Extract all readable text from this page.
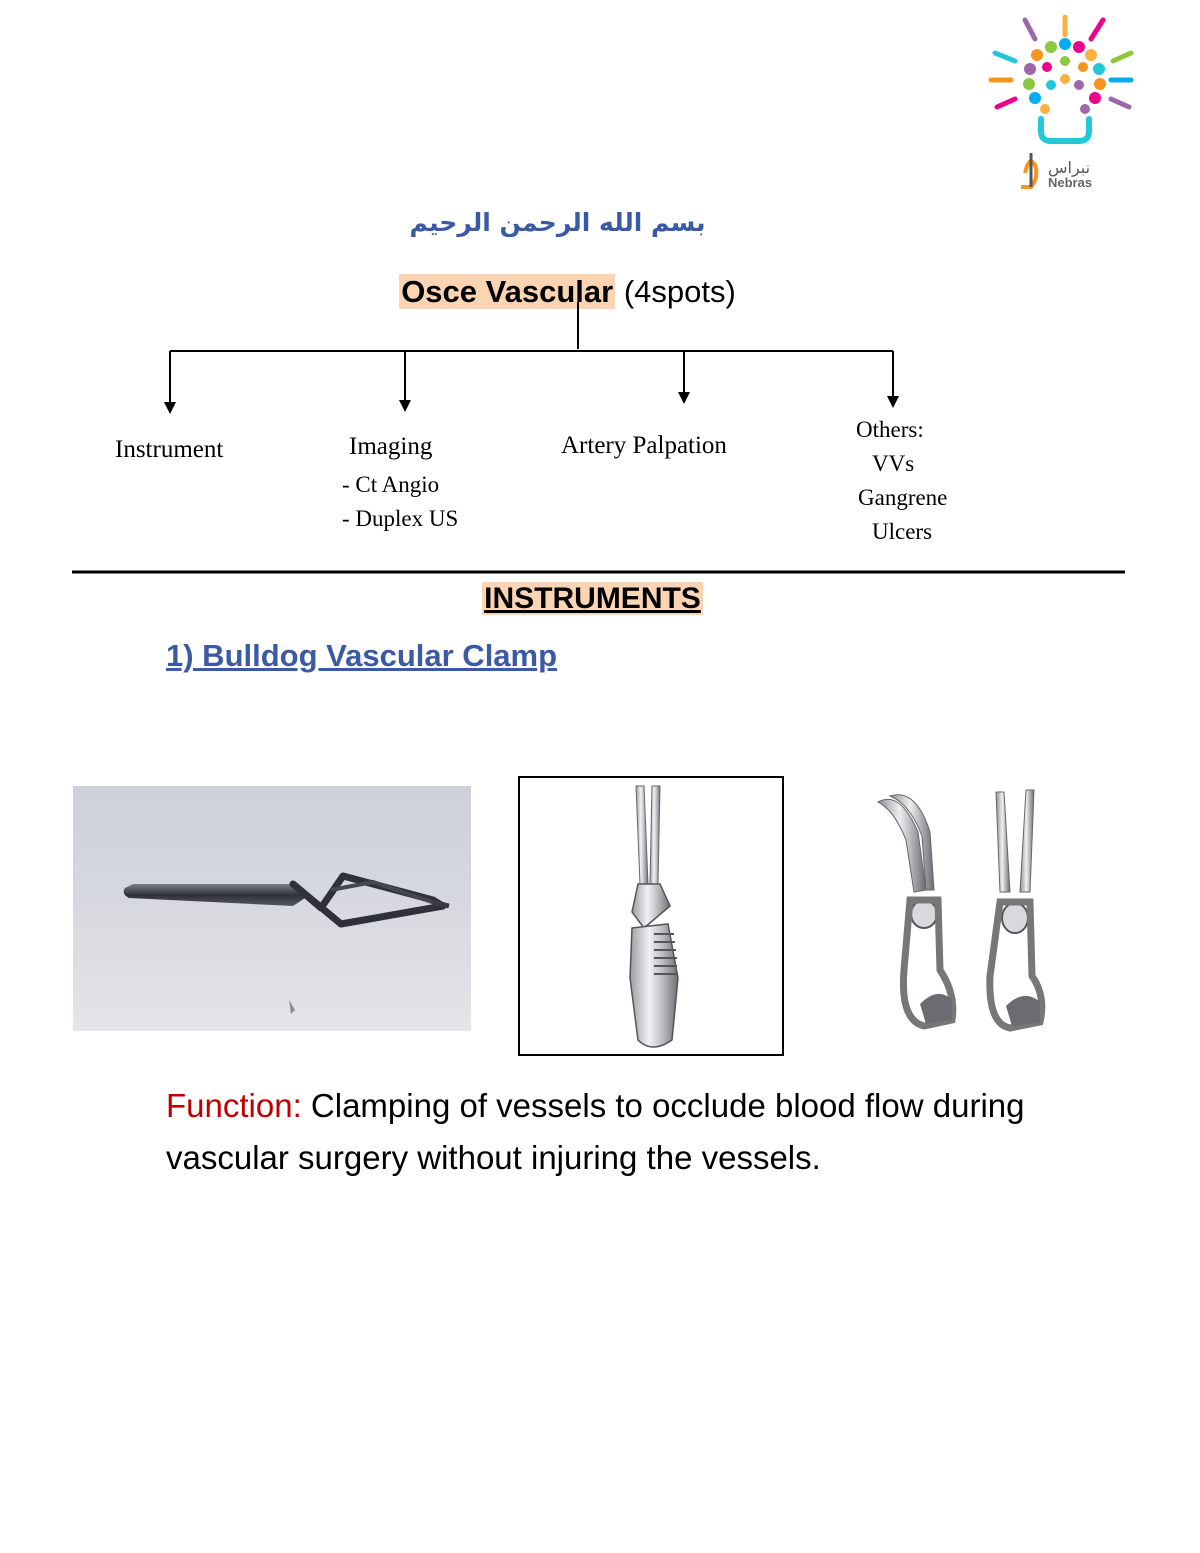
نبراس
Nebras
بسم الله الرحمن الرحيم
Osce Vascular (4spots)
Instrument	Imaging
- Ct Angio
- Duplex US
Artery Palpation
Others:
VVs
Gangrene
Ulcers
INSTRUMENTS
1) Bulldog Vascular Clamp
Function: Clamping of vessels to occlude blood flow during vascular surgery without injuring the vessels.
